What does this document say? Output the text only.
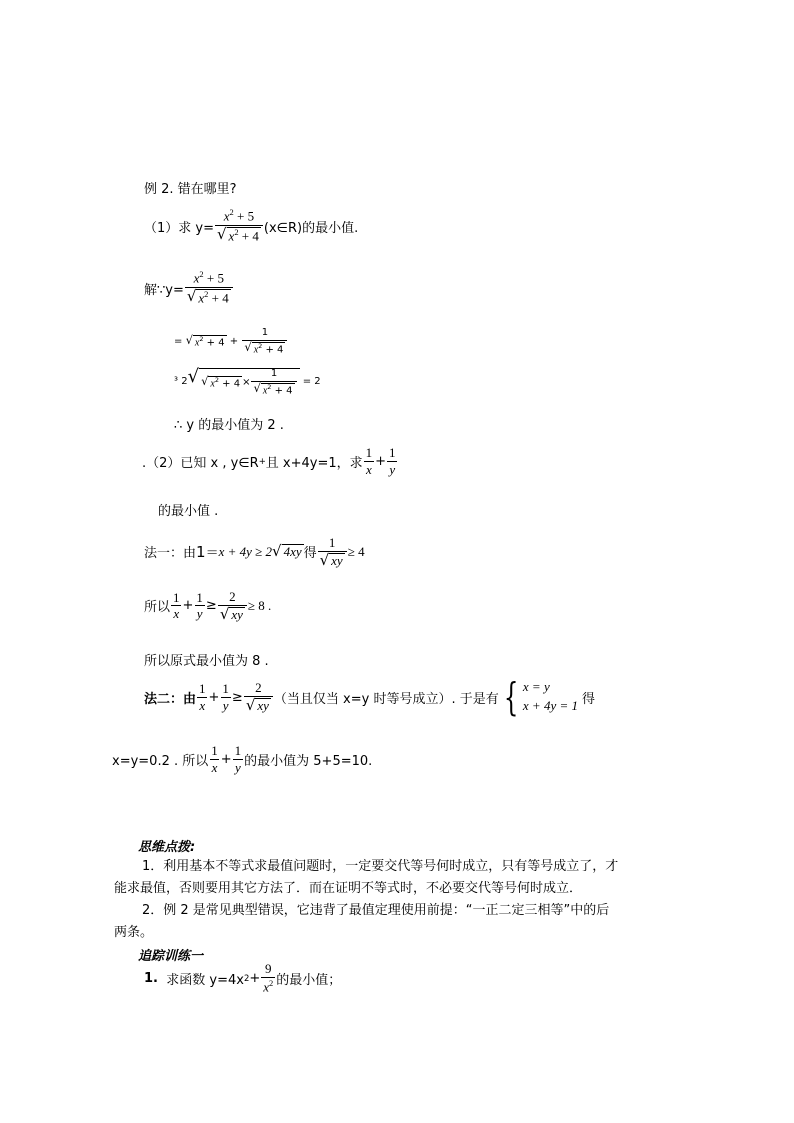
例 2. 错在哪里?
（1）求 $y= \frac{x^2 + 5}{√ x^2 + 4}$ (x∈R)的最小值.
解∵y= $\frac{x^2 + 5}{√ x^2 + 4}$
=
√ $x^2 + 4$
+
$\frac{1}{√ x^2 + 4}$
³
2 √ √ $x^2 + 4 \times \frac{1}{√ x^2 + 4}$
= 2
∴ y 的最小值为 2 .
.（2）已知 x , y∈R + 且 x+4y=1，求 $\frac{1}{x} + \frac{1}{y}$
的最小值 .
法一：由 1 ＝ x + 4y ≥ 2 √ 4xy 得 $\frac{1}{√ xy} \ge 4$
所以 $\frac{1}{x} + \frac{1}{y} \ge \frac{2}{√ xy} \ge 8$ .
所以原式最小值为 8 .
法二：由 $\frac{1}{x} + \frac{1}{y} \ge \frac{2}{√ xy}$ （当且仅当 x=y 时等号成立）. 于是有 { x = y
x + 4y = 1 得
x=y=0.2 . 所以 $\frac{1}{x} + \frac{1}{y}$ 的最小值为 5+5=10.
思维点拨:
1．利用基本不等式求最值问题时，一定要交代等号何时成立，只有等号成立了，才
能求最值，否则要用其它方法了．而在证明不等式时，不必要交代等号何时成立．
2．例 2 是常见典型错误，它违背了最值定理使用前提：“一正二定三相等”中的后
两条。
追踪训练一
1.
求函数 y=4x $2 + \frac{9}{x^2}$ 的最小值；
